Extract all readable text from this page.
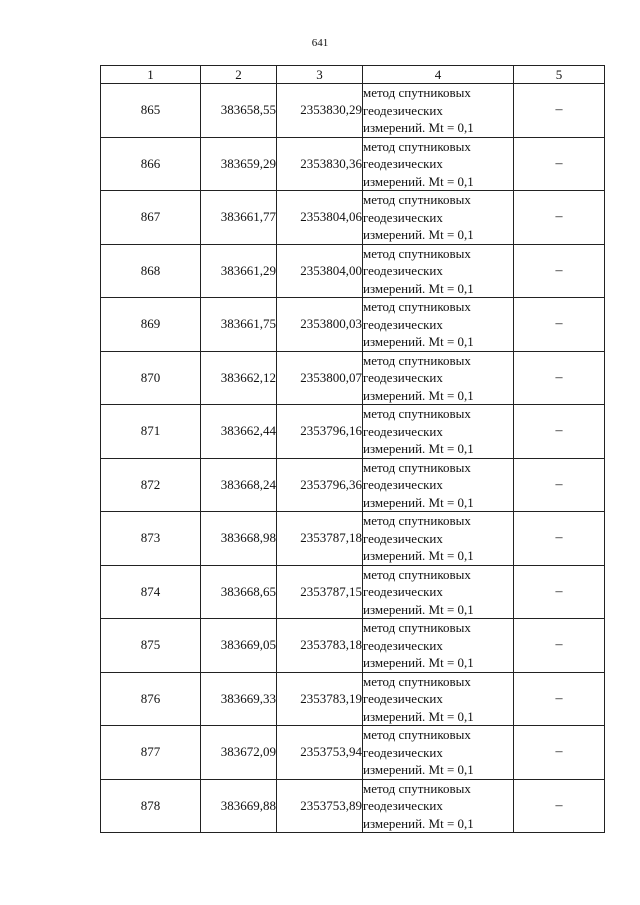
641
1	2	3	4	5
865	383658,55	2353830,29	метод спутниковых
геодезических
измерений. Mt = 0,1	–
866	383659,29	2353830,36	метод спутниковых
геодезических
измерений. Mt = 0,1	–
867	383661,77	2353804,06	метод спутниковых
геодезических
измерений. Mt = 0,1	–
868	383661,29	2353804,00	метод спутниковых
геодезических
измерений. Mt = 0,1	–
869	383661,75	2353800,03	метод спутниковых
геодезических
измерений. Mt = 0,1	–
870	383662,12	2353800,07	метод спутниковых
геодезических
измерений. Mt = 0,1	–
871	383662,44	2353796,16	метод спутниковых
геодезических
измерений. Mt = 0,1	–
872	383668,24	2353796,36	метод спутниковых
геодезических
измерений. Mt = 0,1	–
873	383668,98	2353787,18	метод спутниковых
геодезических
измерений. Mt = 0,1	–
874	383668,65	2353787,15	метод спутниковых
геодезических
измерений. Mt = 0,1	–
875	383669,05	2353783,18	метод спутниковых
геодезических
измерений. Mt = 0,1	–
876	383669,33	2353783,19	метод спутниковых
геодезических
измерений. Mt = 0,1	–
877	383672,09	2353753,94	метод спутниковых
геодезических
измерений. Mt = 0,1	–
878	383669,88	2353753,89	метод спутниковых
геодезических
измерений. Mt = 0,1	–
